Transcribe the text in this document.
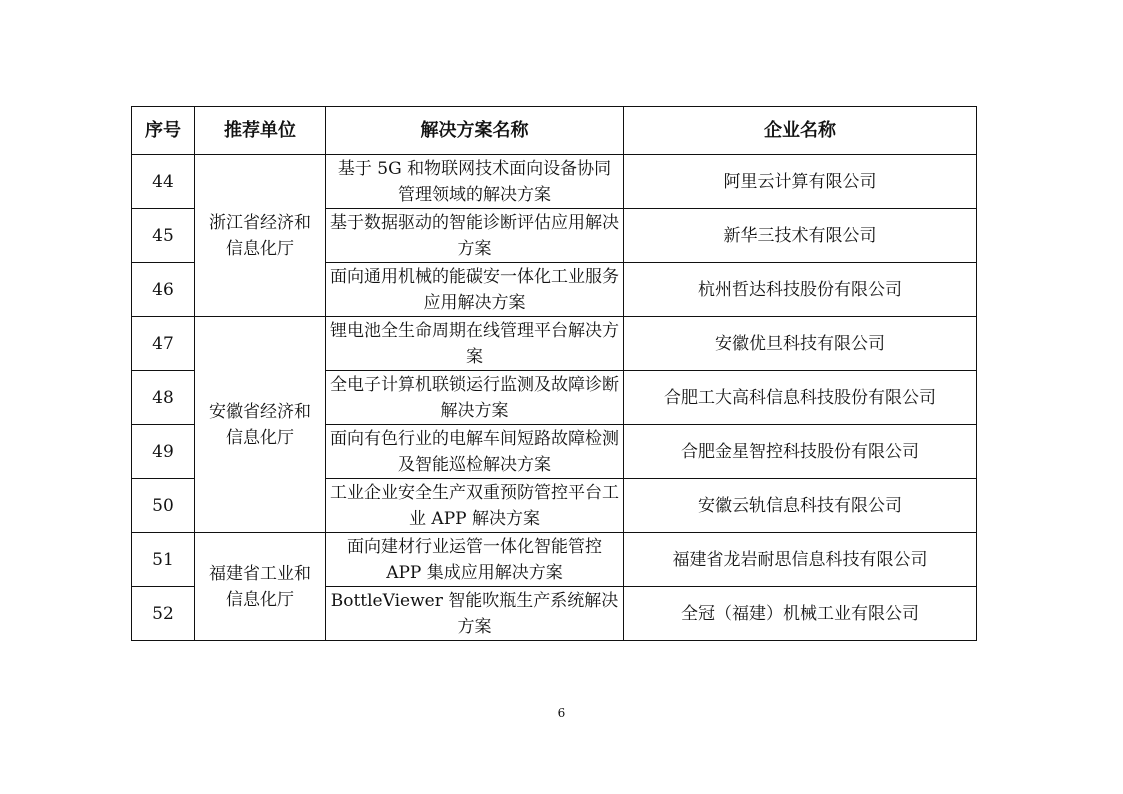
序号	推荐单位	解决方案名称	企业名称
44	浙江省经济和信息化厅	基于 5G 和物联网技术面向设备协同管理领域的解决方案	阿里云计算有限公司
45		基于数据驱动的智能诊断评估应用解决方案	新华三技术有限公司
46		面向通用机械的能碳安一体化工业服务应用解决方案	杭州哲达科技股份有限公司
47	安徽省经济和信息化厅	锂电池全生命周期在线管理平台解决方案	安徽优旦科技有限公司
48		全电子计算机联锁运行监测及故障诊断解决方案	合肥工大高科信息科技股份有限公司
49		面向有色行业的电解车间短路故障检测及智能巡检解决方案	合肥金星智控科技股份有限公司
50		工业企业安全生产双重预防管控平台工业 APP 解决方案	安徽云轨信息科技有限公司
51	福建省工业和信息化厅	面向建材行业运管一体化智能管控APP 集成应用解决方案	福建省龙岩耐思信息科技有限公司
52		BottleViewer 智能吹瓶生产系统解决方案	全冠（福建）机械工业有限公司
6
